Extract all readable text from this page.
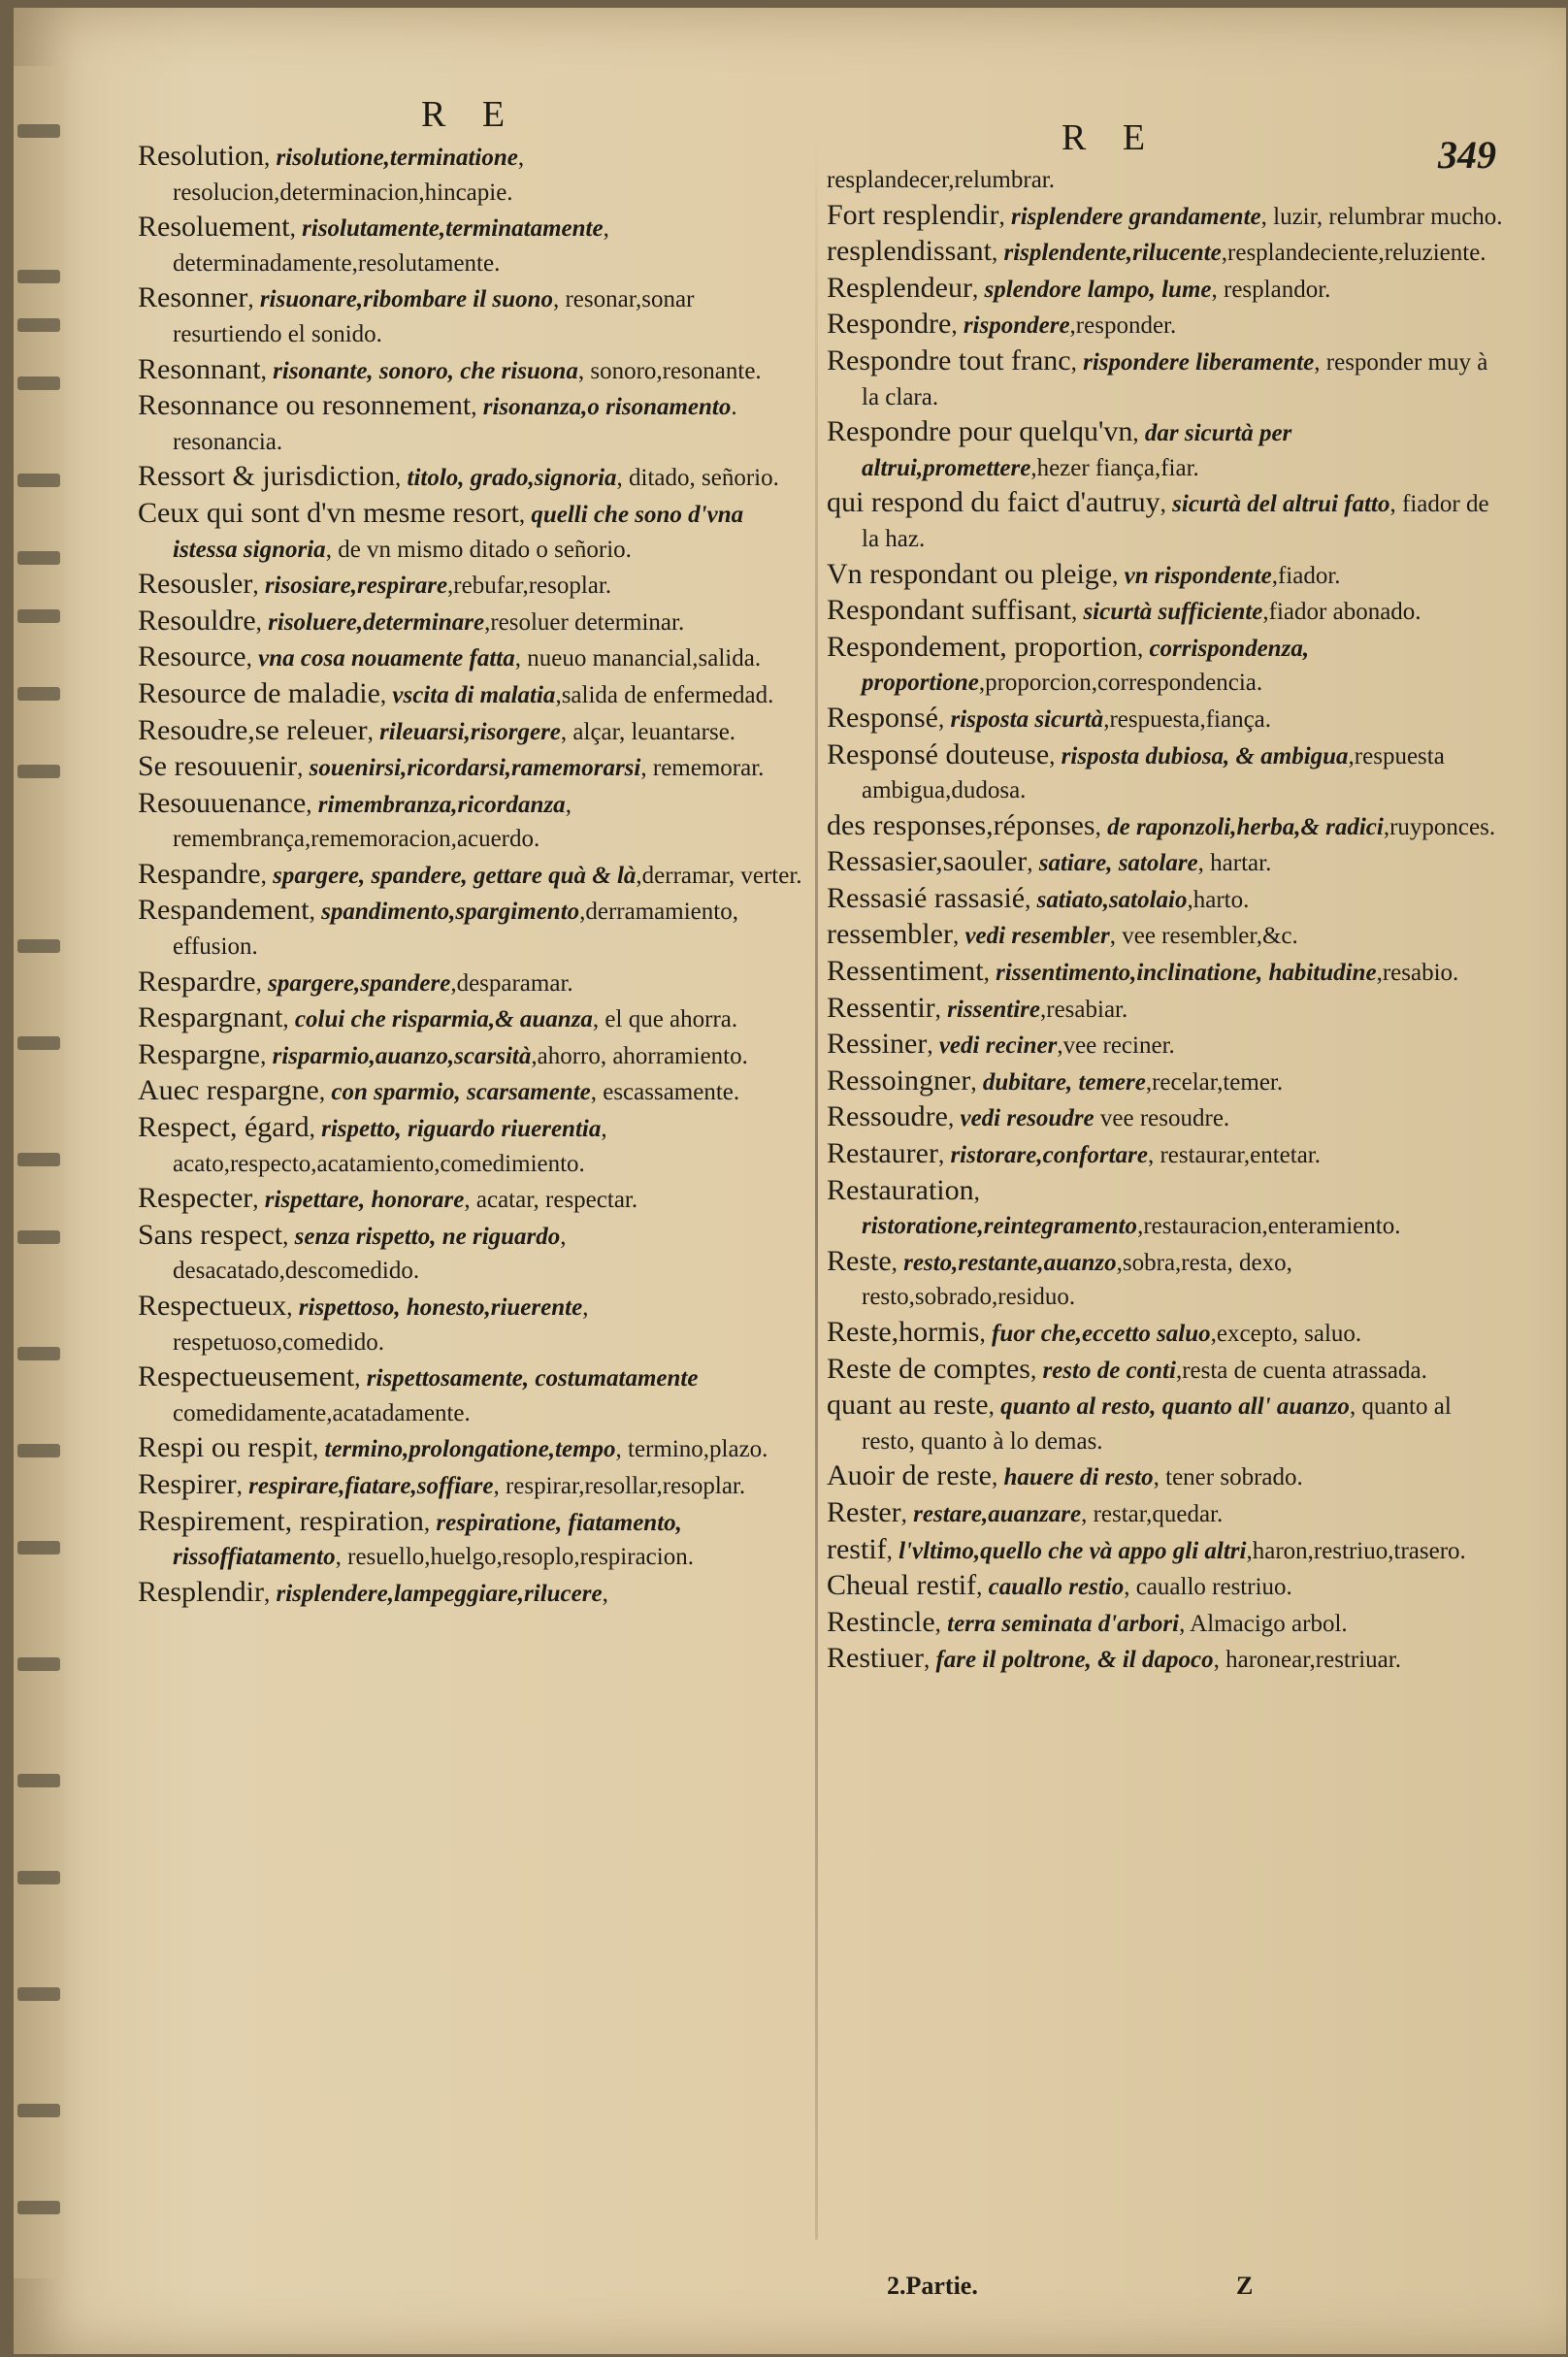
R E
R E	349

Resolution, risolutione,terminatione, resolucion,determinacion,hincapie.

Resoluement, risolutamente,terminatamente, determinadamente,resolutamente.

Resonner, risuonare,ribombare il suono, resonar,sonar resurtiendo el sonido.

Resonnant, risonante, sonoro, che risuona, sonoro,resonante.

Resonnance ou resonnement, risonanza,o risonamento. resonancia.

Ressort & jurisdiction, titolo, grado,signoria, ditado, señorio.

Ceux qui sont d'vn mesme resort, quelli che sono d'vna istessa signoria, de vn mismo ditado o señorio.

Resousler, risosiare,respirare,rebufar,resoplar.

Resouldre, risoluere,determinare,resoluer determinar.

Resource, vna cosa nouamente fatta, nueuo manancial,salida.

Resource de maladie, vscita di malatia,salida de enfermedad.

Resoudre,se releuer, rileuarsi,risorgere, alçar, leuantarse.

Se resouuenir, souenirsi,ricordarsi,ramemorarsi, rememorar.

Resouuenance, rimembranza,ricordanza, remembrança,rememoracion,acuerdo.

Respandre, spargere, spandere, gettare quà & là,derramar, verter.

Respandement, spandimento,spargimento,derramamiento, effusion.

Respardre, spargere,spandere,desparamar.

Respargnant, colui che risparmia,& auanza, el que ahorra.

Respargne, risparmio,auanzo,scarsità,ahorro, ahorramiento.

Auec respargne, con sparmio, scarsamente, escassamente.

Respect, égard, rispetto, riguardo riuerentia, acato,respecto,acatamiento,comedimiento.

Respecter, rispettare, honorare, acatar, respectar.

Sans respect, senza rispetto, ne riguardo, desacatado,descomedido.

Respectueux, rispettoso, honesto,riuerente, respetuoso,comedido.

Respectueusement, rispettosamente, costumatamente comedidamente,acatadamente.

Respi ou respit, termino,prolongatione,tempo, termino,plazo.

Respirer, respirare,fiatare,soffiare, respirar,resollar,resoplar.

Respirement, respiration, respiratione, fiatamento, rissoffiatamento, resuello,huelgo,resoplo,respiracion.

Resplendir, risplendere,lampeggiare,rilucere,

resplandecer,relumbrar.

Fort resplendir, risplendere grandamente, luzir, relumbrar mucho.

resplendissant, risplendente,rilucente,resplandeciente,reluziente.

Resplendeur, splendore lampo, lume, resplandor.

Respondre, rispondere,responder.

Respondre tout franc, rispondere liberamente, responder muy à la clara.

Respondre pour quelqu'vn, dar sicurtà per altrui,promettere,hezer fiança,fiar.

qui respond du faict d'autruy, sicurtà del altrui fatto, fiador de la haz.

Vn respondant ou pleige, vn rispondente,fiador.

Respondant suffisant, sicurtà sufficiente,fiador abonado.

Respondement, proportion, corrispondenza, proportione,proporcion,correspondencia.

Responsé, risposta sicurtà,respuesta,fiança.

Responsé douteuse, risposta dubiosa, & ambigua,respuesta ambigua,dudosa.

des responses,réponses, de raponzoli,herba,& radici,ruyponces.

Ressasier,saouler, satiare, satolare, hartar.

Ressasié rassasié, satiato,satolaio,harto.

ressembler, vedi resembler, vee resembler,&c.

Ressentiment, rissentimento,inclinatione, habitudine,resabio.

Ressentir, rissentire,resabiar.

Ressiner, vedi reciner,vee reciner.

Ressoingner, dubitare, temere,recelar,temer.

Ressoudre, vedi resoudre vee resoudre.

Restaurer, ristorare,confortare, restaurar,entetar.

Restauration, ristoratione,reintegramento,restauracion,enteramiento.

Reste, resto,restante,auanzo,sobra,resta, dexo, resto,sobrado,residuo.

Reste,hormis, fuor che,eccetto saluo,excepto, saluo.

Reste de comptes, resto de conti,resta de cuenta atrassada.

quant au reste, quanto al resto, quanto all' auanzo, quanto al resto, quanto à lo demas.

Auoir de reste, hauere di resto, tener sobrado.

Rester, restare,auanzare, restar,quedar.

restif, l'vltimo,quello che và appo gli altri,haron,restriuo,trasero.

Cheual restif, cauallo restio, cauallo restriuo.

Restincle, terra seminata d'arbori, Almacigo arbol.

Restiuer, fare il poltrone, & il dapoco, haronear,restriuar.

2.Partie.	Z
